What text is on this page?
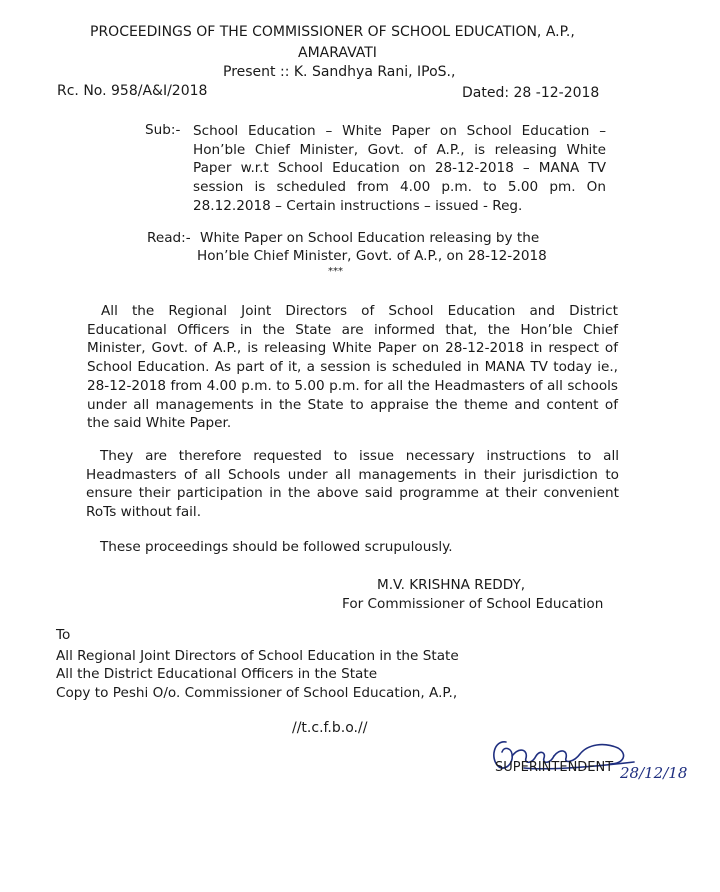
PROCEEDINGS OF THE COMMISSIONER OF SCHOOL EDUCATION, A.P.,
AMARAVATI
Present :: K. Sandhya Rani, IPoS.,
Rc. No. 958/A&I/2018	Dated: 28 -12-2018
Sub:- School Education – White Paper on School Education –
Hon’ble Chief Minister, Govt. of A.P., is releasing White
Paper w.r.t School Education on 28-12-2018 – MANA TV
session is scheduled from 4.00 p.m. to 5.00 pm. On
28.12.2018 – Certain instructions – issued - Reg.
Read:- White Paper on School Education releasing by the
Hon’ble Chief Minister, Govt. of A.P., on 28-12-2018
***
All the Regional Joint Directors of School Education and District
Educational Officers in the State are informed that, the Hon’ble Chief
Minister, Govt. of A.P., is releasing White Paper on 28-12-2018 in respect of
School Education. As part of it, a session is scheduled in MANA TV today ie.,
28-12-2018 from 4.00 p.m. to 5.00 p.m. for all the Headmasters of all schools
under all managements in the State to appraise the theme and content of
the said White Paper.
They are therefore requested to issue necessary instructions to all
Headmasters of all Schools under all managements in their jurisdiction to
ensure their participation in the above said programme at their convenient
RoTs without fail.
These proceedings should be followed scrupulously.
M.V. KRISHNA REDDY,
For Commissioner of School Education
To
All Regional Joint Directors of School Education in the State
All the District Educational Officers in the State
Copy to Peshi O/o. Commissioner of School Education, A.P.,
//t.c.f.b.o.//
SUPERINTENDENT 28/12/18
